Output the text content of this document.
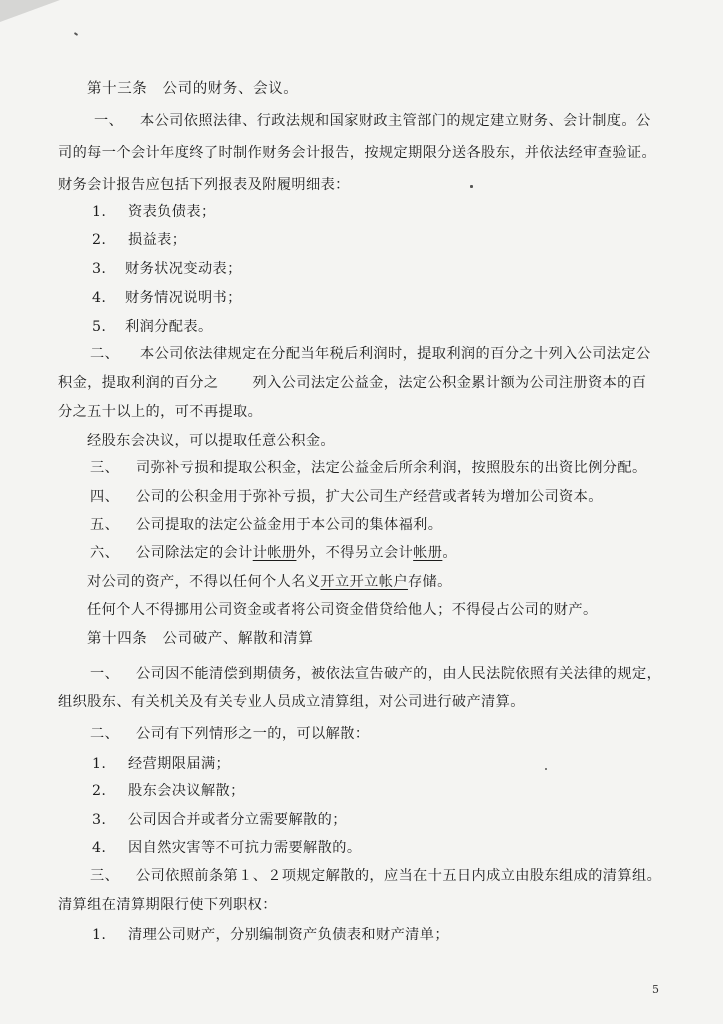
第十三条　公司的财务、会议。
一、 本公司依照法律、行政法规和国家财政主管部门的规定建立财务、会计制度。公
司的每一个会计年度终了时制作财务会计报告，按规定期限分送各股东，并依法经审查验证。
财务会计报告应包括下列报表及附履明细表：
1. 资表负债表；
2. 损益表；
3. 财务状况变动表；
4. 财务情况说明书；
5. 利润分配表。
二、 本公司依法律规定在分配当年税后利润时，提取利润的百分之十列入公司法定公
积金，提取利润的百分之 列入公司法定公益金，法定公积金累计额为公司注册资本的百
分之五十以上的，可不再提取。
经股东会决议，可以提取任意公积金。
三、 司弥补亏损和提取公积金，法定公益金后所余利润，按照股东的出资比例分配。
四、 公司的公积金用于弥补亏损，扩大公司生产经营或者转为增加公司资本。
五、 公司提取的法定公益金用于本公司的集体福利。
六、 公司除法定的会计计帐册外，不得另立会计帐册。
对公司的资产，不得以任何个人名义开立开立帐户存储。
任何个人不得挪用公司资金或者将公司资金借贷给他人；不得侵占公司的财产。
第十四条　公司破产、解散和清算
一、 公司因不能清偿到期债务，被依法宣告破产的，由人民法院依照有关法律的规定，
组织股东、有关机关及有关专业人员成立清算组，对公司进行破产清算。
二、 公司有下列情形之一的，可以解散：
1. 经营期限届满；
2. 股东会决议解散；
3. 公司因合并或者分立需要解散的；
4. 因自然灾害等不可抗力需要解散的。
三、 公司依照前条第１、２项规定解散的，应当在十五日内成立由股东组成的清算组。
清算组在清算期限行使下列职权：
1. 清理公司财产，分别编制资产负债表和财产清单；
5
